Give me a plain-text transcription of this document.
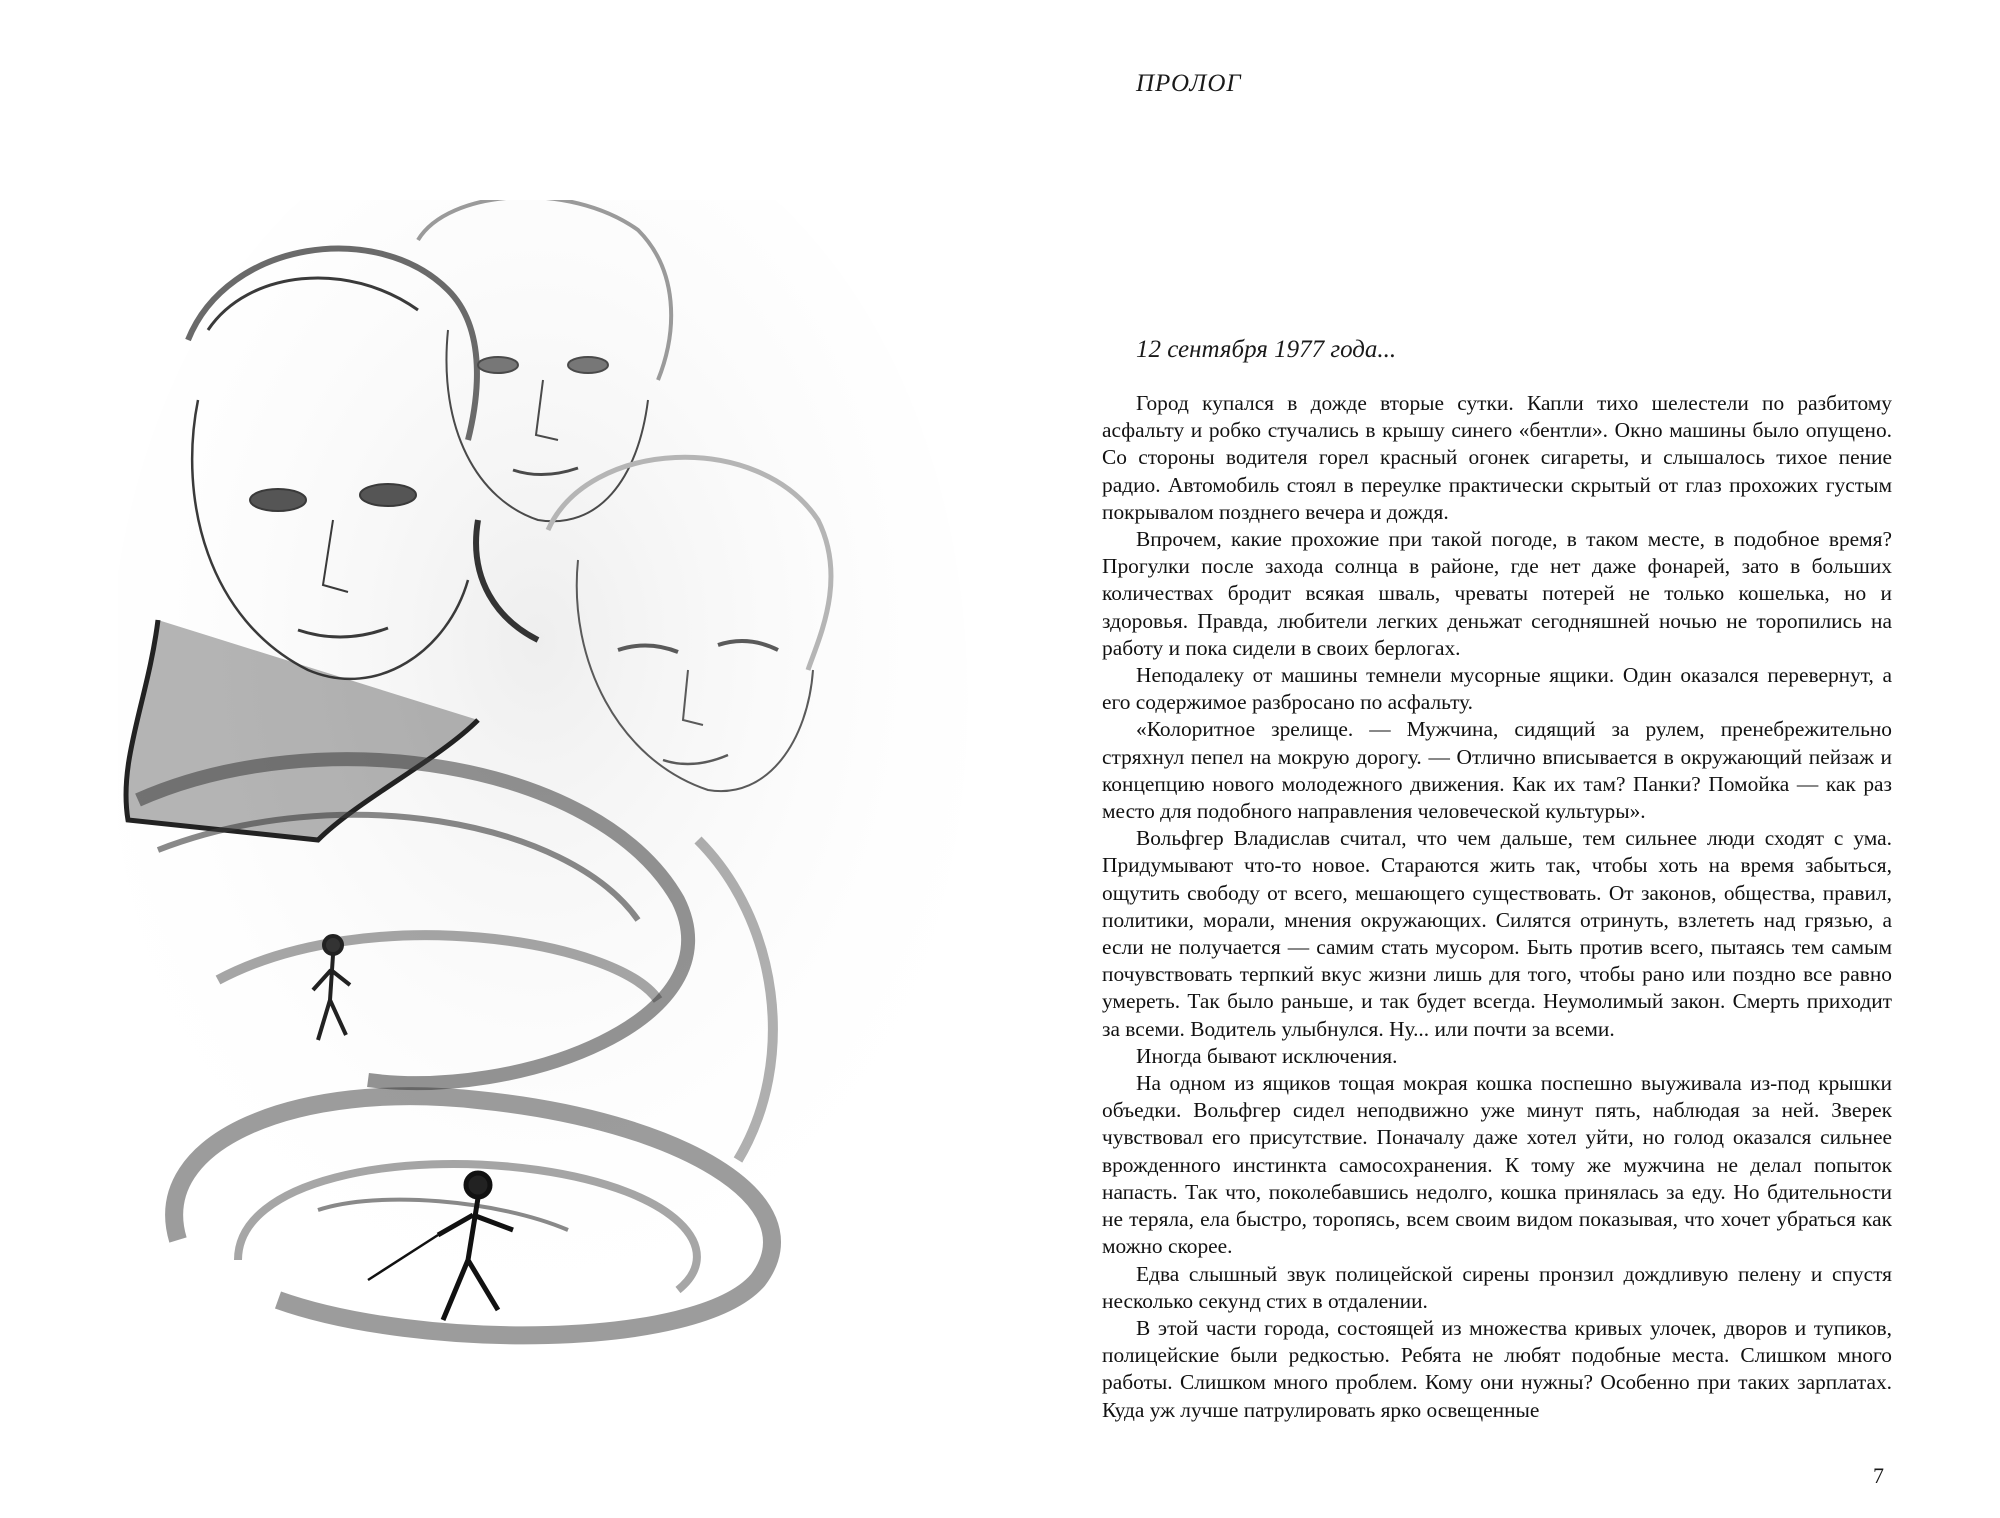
ПРОЛОГ
12 сентября 1977 года...

Город купался в дожде вторые сутки. Капли тихо шелестели по разбитому асфальту и робко стучались в крышу синего «бентли». Окно машины было опущено. Со стороны водителя горел красный огонек сигареты, и слышалось тихое пение радио. Автомобиль стоял в переулке практически скрытый от глаз прохожих густым покрывалом позднего вечера и дождя.

Впрочем, какие прохожие при такой погоде, в таком месте, в подобное время? Прогулки после захода солнца в районе, где нет даже фонарей, зато в больших количествах бродит всякая шваль, чреваты потерей не только кошелька, но и здоровья. Правда, любители легких деньжат сегодняшней ночью не торопились на работу и пока сидели в своих берлогах.

Неподалеку от машины темнели мусорные ящики. Один оказался перевернут, а его содержимое разбросано по асфальту.

«Колоритное зрелище. — Мужчина, сидящий за рулем, пренебрежительно стряхнул пепел на мокрую дорогу. — Отлично вписывается в окружающий пейзаж и концепцию нового молодежного движения. Как их там? Панки? Помойка — как раз место для подобного направления человеческой культуры».

Вольфгер Владислав считал, что чем дальше, тем сильнее люди сходят с ума. Придумывают что-то новое. Стараются жить так, чтобы хоть на время забыться, ощутить свободу от всего, мешающего существовать. От законов, общества, правил, политики, морали, мнения окружающих. Силятся отринуть, взлететь над грязью, а если не получается — самим стать мусором. Быть против всего, пытаясь тем самым почувствовать терпкий вкус жизни лишь для того, чтобы рано или поздно все равно умереть. Так было раньше, и так будет всегда. Неумолимый закон. Смерть приходит за всеми. Водитель улыбнулся. Ну... или почти за всеми.

Иногда бывают исключения.

На одном из ящиков тощая мокрая кошка поспешно выуживала из-под крышки объедки. Вольфгер сидел неподвижно уже минут пять, наблюдая за ней. Зверек чувствовал его присутствие. Поначалу даже хотел уйти, но голод оказался сильнее врожденного инстинкта самосохранения. К тому же мужчина не делал попыток напасть. Так что, поколебавшись недолго, кошка принялась за еду. Но бдительности не теряла, ела быстро, торопясь, всем своим видом показывая, что хочет убраться как можно скорее.

Едва слышный звук полицейской сирены пронзил дождливую пелену и спустя несколько секунд стих в отдалении.

В этой части города, состоящей из множества кривых улочек, дворов и тупиков, полицейские были редкостью. Ребята не любят подобные места. Слишком много работы. Слишком много проблем. Кому они нужны? Особенно при таких зарплатах. Куда уж лучше патрулировать ярко освещенные

7
